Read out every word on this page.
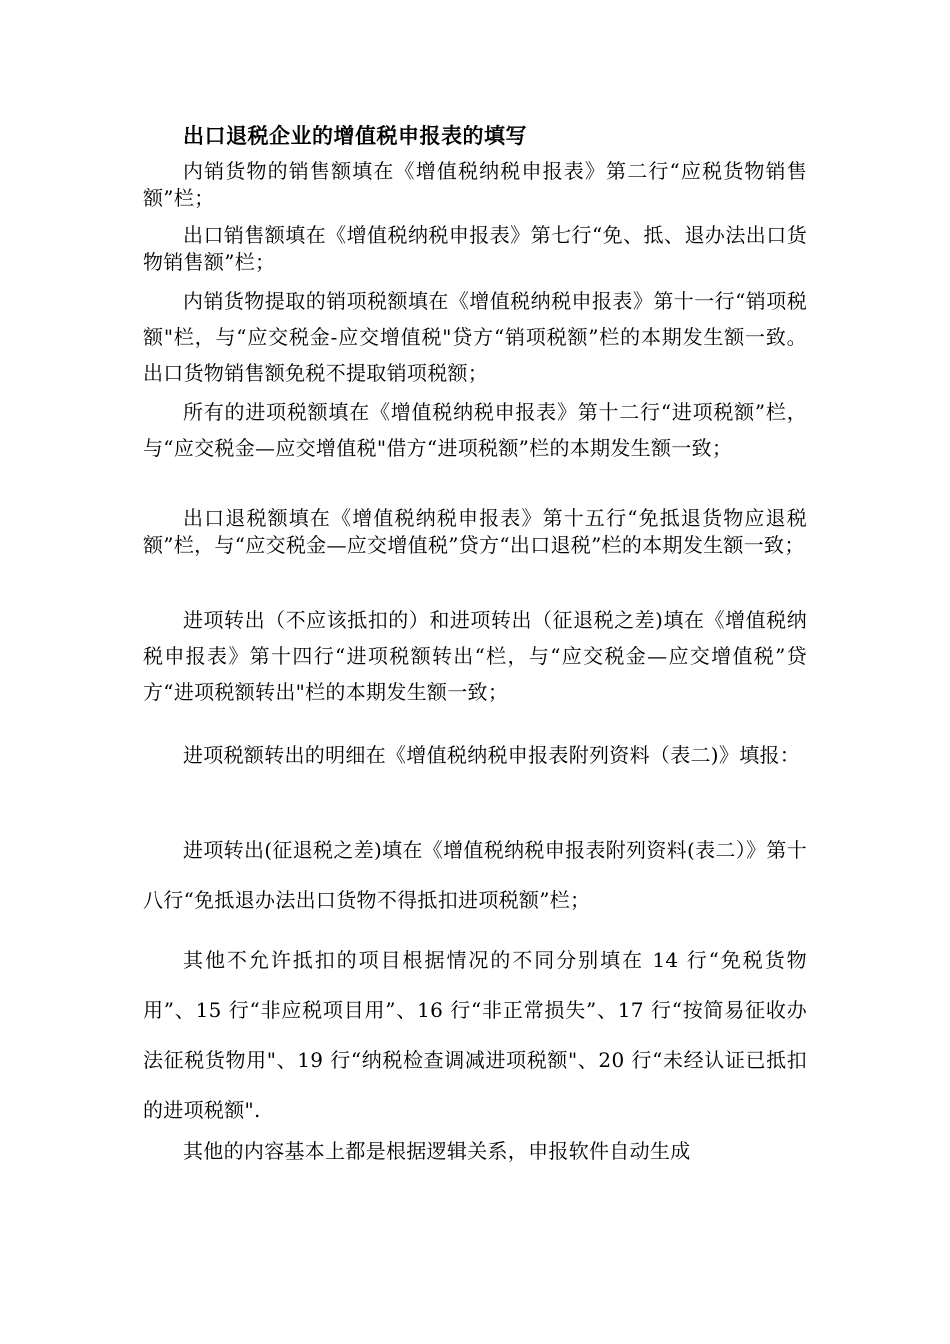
出口退税企业的增值税申报表的填写
内销货物的销售额填在《增值税纳税申报表》第二行“应税货物销售额”栏；
出口销售额填在《增值税纳税申报表》第七行“免、抵、退办法出口货物销售额”栏；
内销货物提取的销项税额填在《增值税纳税申报表》第十一行“销项税额"栏，与“应交税金-应交增值税"贷方“销项税额”栏的本期发生额一致。出口货物销售额免税不提取销项税额；
所有的进项税额填在《增值税纳税申报表》第十二行“进项税额”栏，与“应交税金—应交增值税"借方“进项税额”栏的本期发生额一致；
出口退税额填在《增值税纳税申报表》第十五行“免抵退货物应退税额”栏，与“应交税金—应交增值税”贷方“出口退税”栏的本期发生额一致；
进项转出（不应该抵扣的）和进项转出（征退税之差)填在《增值税纳税申报表》第十四行“进项税额转出“栏，与“应交税金—应交增值税”贷方“进项税额转出"栏的本期发生额一致；
进项税额转出的明细在《增值税纳税申报表附列资料（表二)》填报：
进项转出(征退税之差)填在《增值税纳税申报表附列资料(表二）》第十八行“免抵退办法出口货物不得抵扣进项税额”栏；
其他不允许抵扣的项目根据情况的不同分别填在 14 行“免税货物用”、15 行“非应税项目用”、16 行“非正常损失”、17 行“按简易征收办法征税货物用"、19 行“纳税检查调减进项税额"、20 行“未经认证已抵扣的进项税额".
其他的内容基本上都是根据逻辑关系，申报软件自动生成
